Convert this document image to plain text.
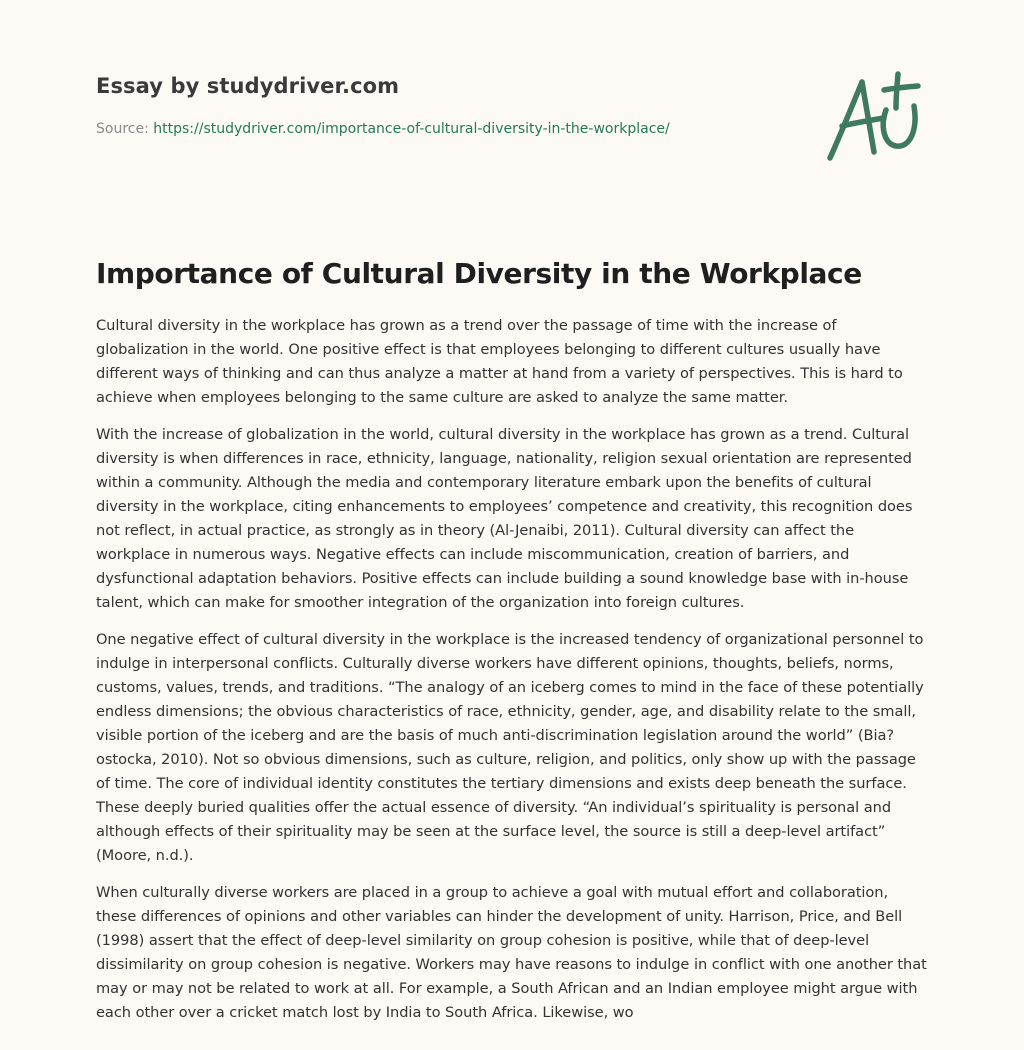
Essay by studydriver.com
Source: https://studydriver.com/importance-of-cultural-diversity-in-the-workplace/
Importance of Cultural Diversity in the Workplace

Cultural diversity in the workplace has grown as a trend over the passage of time with the increase of globalization in the world. One positive effect is that employees belonging to different cultures usually have different ways of thinking and can thus analyze a matter at hand from a variety of perspectives. This is hard to achieve when employees belonging to the same culture are asked to analyze the same matter.

With the increase of globalization in the world, cultural diversity in the workplace has grown as a trend. Cultural diversity is when differences in race, ethnicity, language, nationality, religion sexual orientation are represented within a community. Although the media and contemporary literature embark upon the benefits of cultural diversity in the workplace, citing enhancements to employees’ competence and creativity, this recognition does not reflect, in actual practice, as strongly as in theory (Al-Jenaibi, 2011). Cultural diversity can affect the workplace in numerous ways. Negative effects can include miscommunication, creation of barriers, and dysfunctional adaptation behaviors. Positive effects can include building a sound knowledge base with in-house talent, which can make for smoother integration of the organization into foreign cultures.

One negative effect of cultural diversity in the workplace is the increased tendency of organizational personnel to indulge in interpersonal conflicts. Culturally diverse workers have different opinions, thoughts, beliefs, norms, customs, values, trends, and traditions. “The analogy of an iceberg comes to mind in the face of these potentially endless dimensions; the obvious characteristics of race, ethnicity, gender, age, and disability relate to the small, visible portion of the iceberg and are the basis of much anti-discrimination legislation around the world” (Bia? ostocka, 2010). Not so obvious dimensions, such as culture, religion, and politics, only show up with the passage of time. The core of individual identity constitutes the tertiary dimensions and exists deep beneath the surface. These deeply buried qualities offer the actual essence of diversity. “An individual’s spirituality is personal and although effects of their spirituality may be seen at the surface level, the source is still a deep-level artifact” (Moore, n.d.).

When culturally diverse workers are placed in a group to achieve a goal with mutual effort and collaboration, these differences of opinions and other variables can hinder the development of unity. Harrison, Price, and Bell (1998) assert that the effect of deep-level similarity on group cohesion is positive, while that of deep-level dissimilarity on group cohesion is negative. Workers may have reasons to indulge in conflict with one another that may or may not be related to work at all. For example, a South African and an Indian employee might argue with each other over a cricket match lost by India to South Africa. Likewise, wo
